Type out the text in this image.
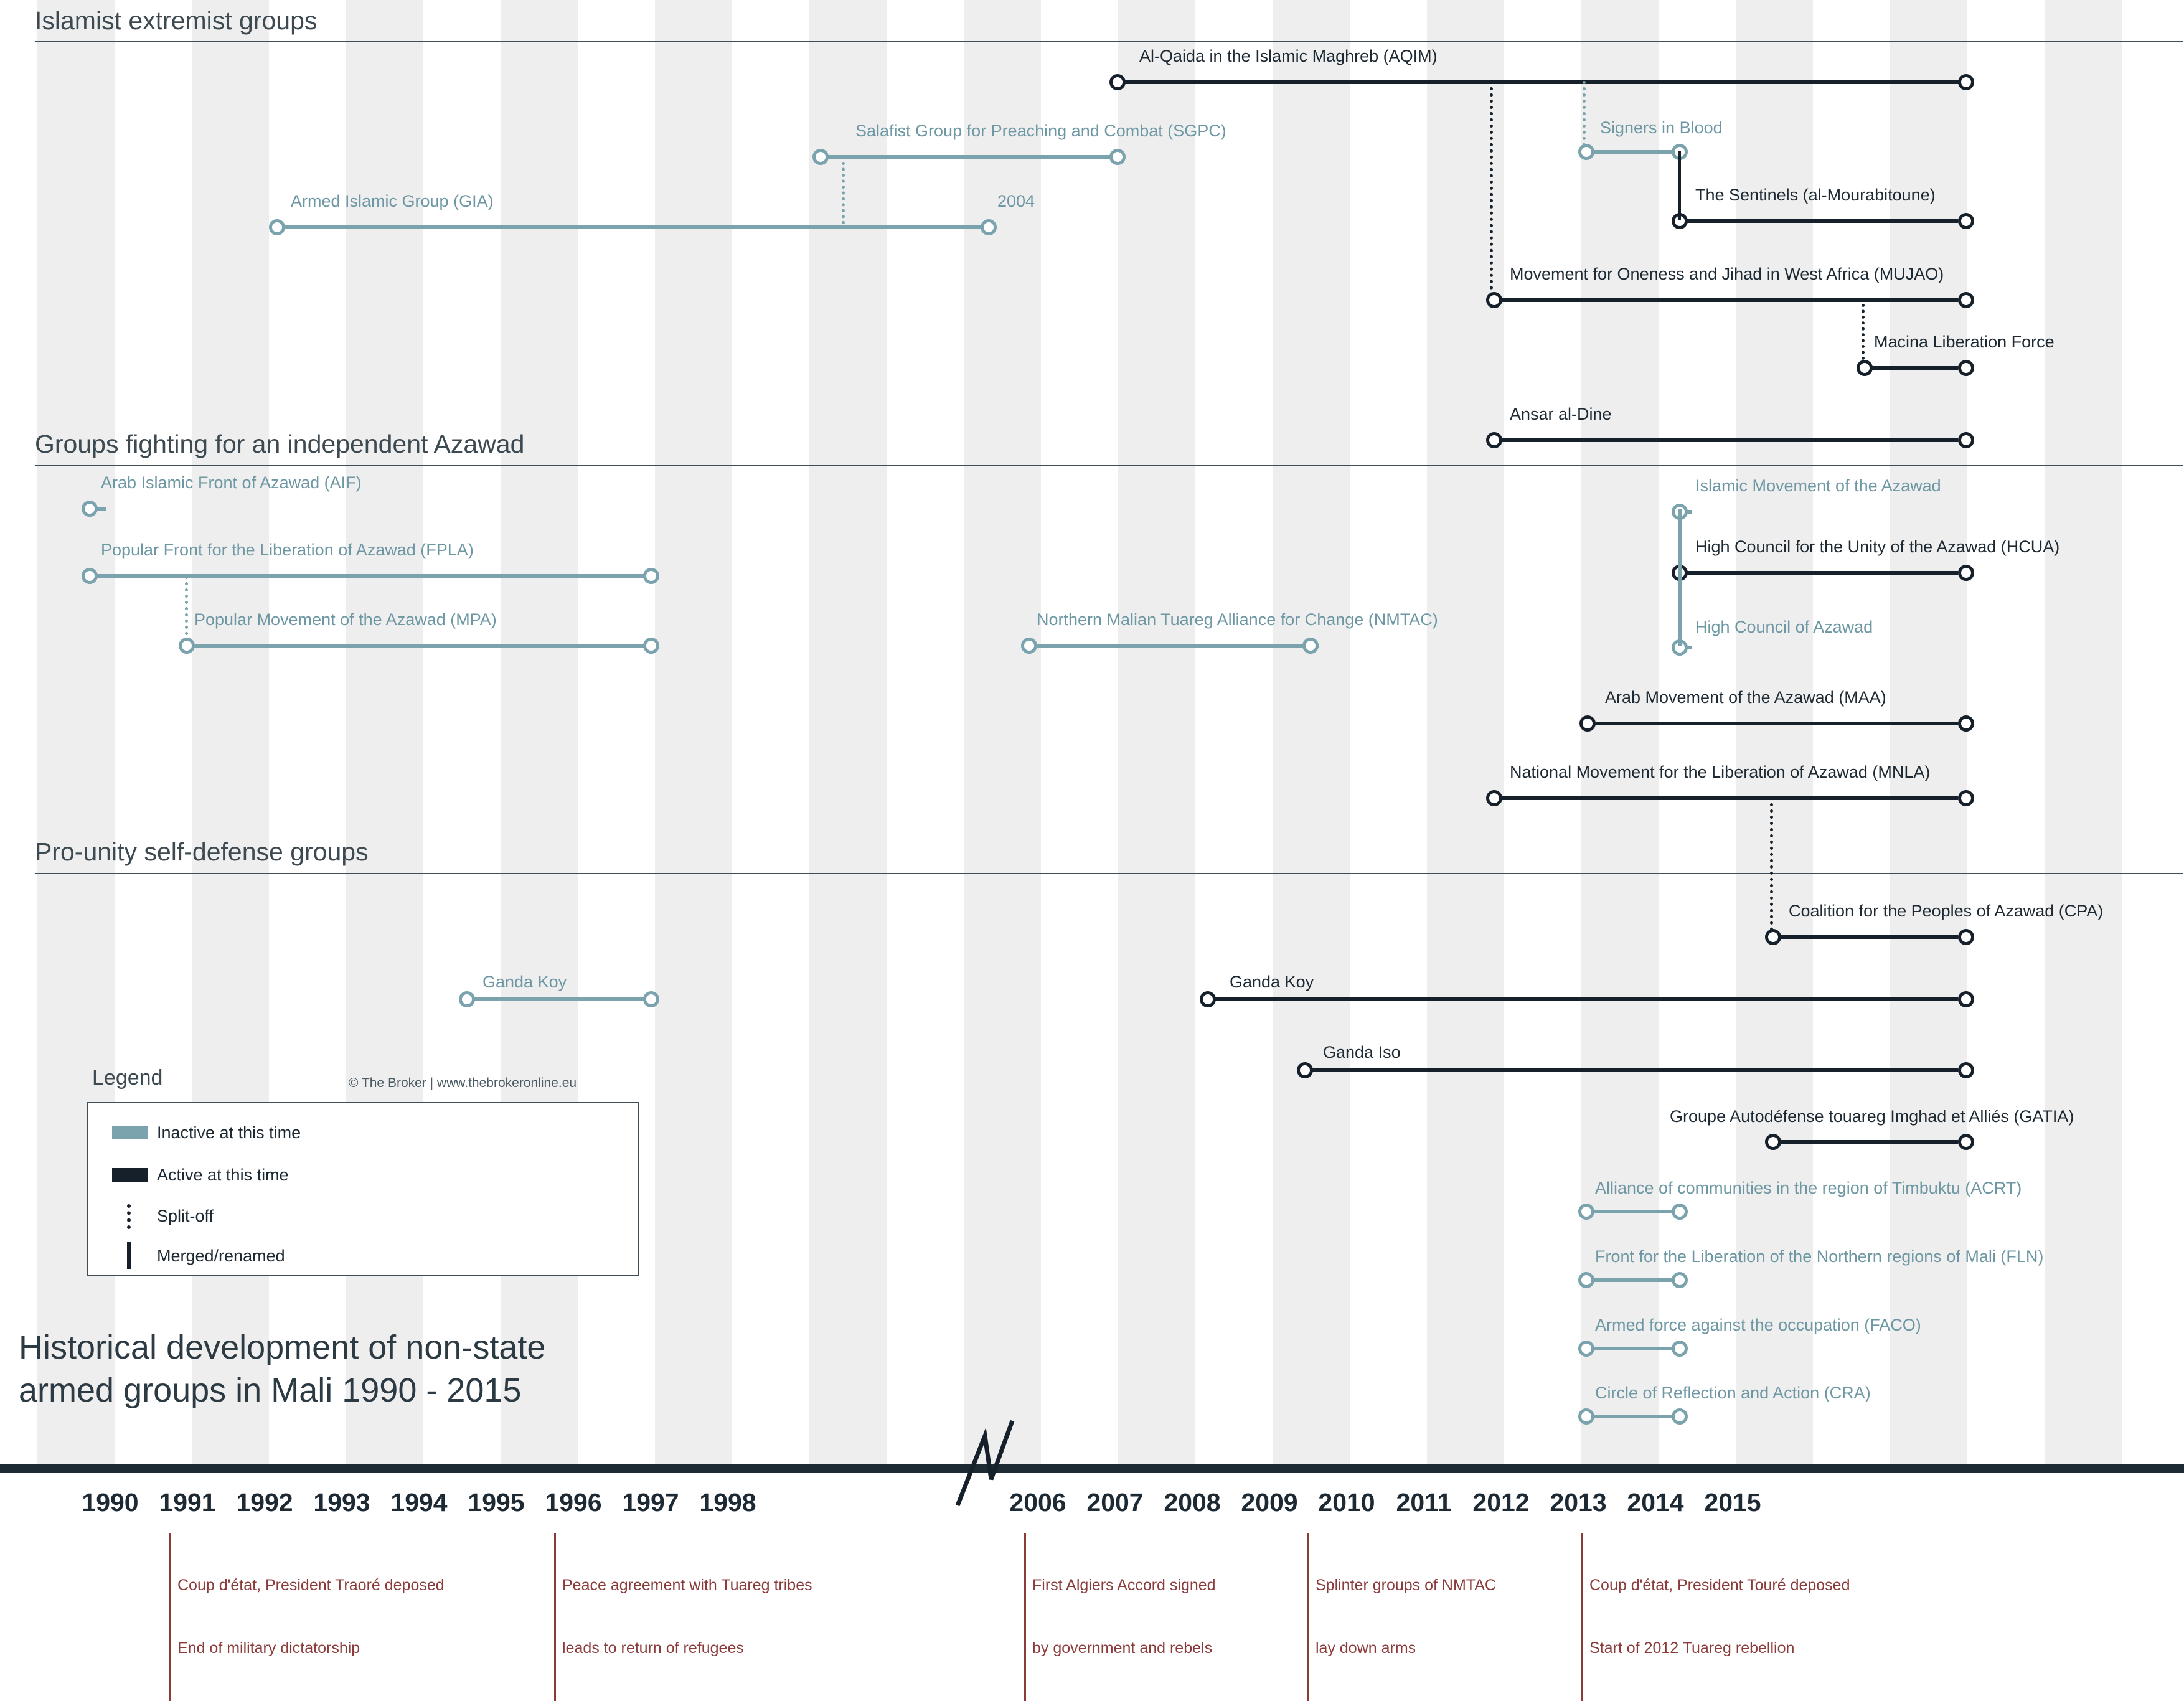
Islamist extremist groups
Al-Qaida in the Islamic Maghreb (AQIM)
Salafist Group for Preaching and Combat (SGPC)	Signers in Blood
Armed Islamic Group (GIA)	2004	The Sentinels (al-Mourabitoune)
Movement for Oneness and Jihad in West Africa (MUJAO)
Macina Liberation Force
Ansar al-Dine
Groups fighting for an independent Azawad
Arab Islamic Front of Azawad (AIF)
Popular Front for the Liberation of Azawad (FPLA)
Popular Movement of the Azawad (MPA)	Northern Malian Tuareg Alliance for Change (NMTAC)
Islamic Movement of the Azawad
High Council for the Unity of the Azawad (HCUA)
High Council of Azawad
Arab Movement of the Azawad (MAA)
National Movement for the Liberation of Azawad (MNLA)
Pro-unity self-defense groups
Coalition for the Peoples of Azawad (CPA)
Ganda Koy	Ganda Koy
Ganda Iso
Groupe Autodéfense touareg Imghad et Alliés (GATIA)
Alliance of communities in the region of Timbuktu (ACRT)
Front for the Liberation of the Northern regions of Mali (FLN)
Armed force against the occupation (FACO)
Circle of Reflection and Action (CRA)
Legend	© The Broker | www.thebrokeronline.eu
Inactive at this time
Active at this time
Split-off
Merged/renamed
Historical development of non-state
armed groups in Mali 1990 - 2015
1990 1991 1992 1993 1994 1995 1996 1997 1998	2006 2007 2008 2009 2010 2011 2012 2013 2014 2015

Coup d'état, President Traoré deposed

End of military dictatorship

Peace agreement with Tuareg tribes

leads to return of refugees

First Algiers Accord signed

by government and rebels

Splinter groups of NMTAC

lay down arms

Coup d'état, President Touré deposed

Start of 2012 Tuareg rebellion
